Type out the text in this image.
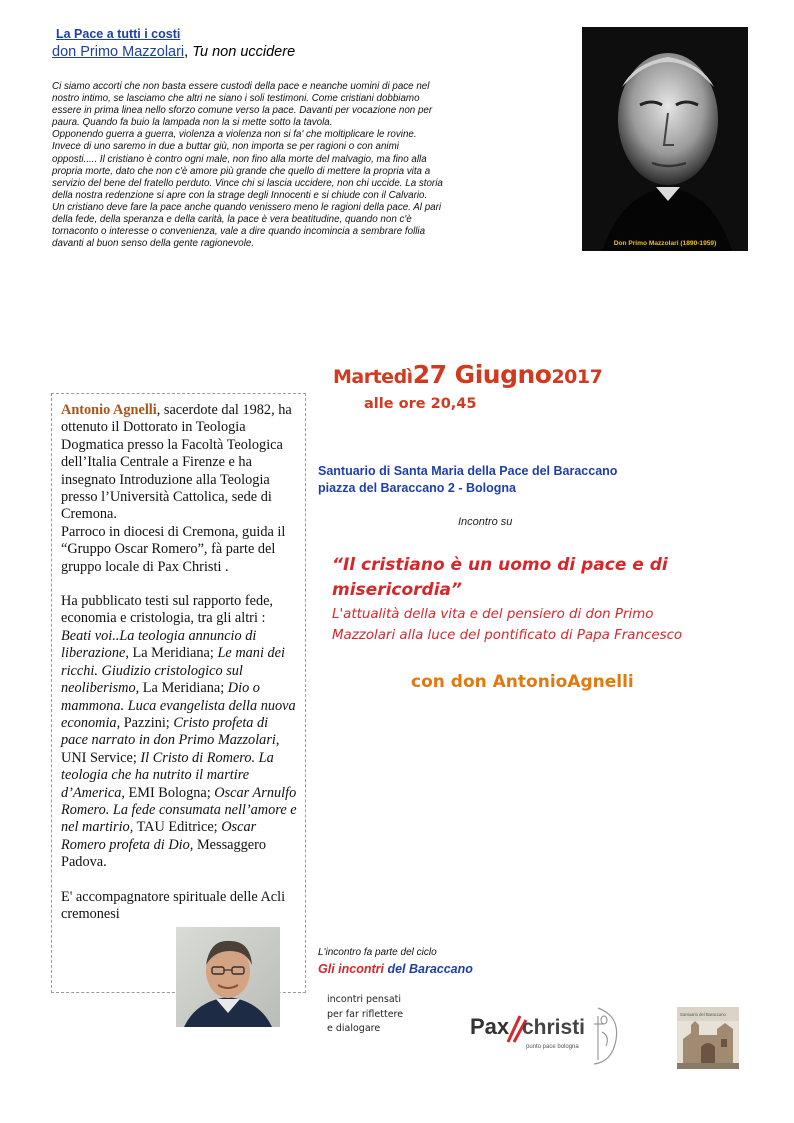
La Pace a tutti i costi
don Primo Mazzolari, Tu non uccidere

Ci siamo accorti che non basta essere custodi della pace e neanche uomini di pace nel

nostro intimo, se lasciamo che altri ne siano i soli testimoni. Come cristiani dobbiamo

essere in prima linea nello sforzo comune verso la pace. Davanti per vocazione non per

paura. Quando fa buio la lampada non la si mette sotto la tavola.

Opponendo guerra a guerra, violenza a violenza non si fa' che moltiplicare le rovine.

Invece di uno saremo in due a buttar giù, non importa se per ragioni o con animi

opposti..... Il cristiano è contro ogni male, non fino alla morte del malvagio, ma fino alla

propria morte, dato che non c'è amore più grande che quello di mettere la propria vita a

servizio del bene del fratello perduto. Vince chi si lascia uccidere, non chi uccide. La storia

della nostra redenzione si apre con la strage degli Innocenti e si chiude con il Calvario.

Un cristiano deve fare la pace anche quando venissero meno le ragioni della pace. Al pari

della fede, della speranza e della carità, la pace è vera beatitudine, quando non c'è

tornaconto o interesse o convenienza, vale a dire quando incomincia a sembrare follia

davanti al buon senso della gente ragionevole.	Don Primo Mazzolari (1890-1959)
Martedì27 Giugno2017
alle ore 20,45

Antonio Agnelli, sacerdote dal 1982, ha ottenuto il Dottorato in Teologia Dogmatica presso la Facoltà Teologica dell’Italia Centrale a Firenze e ha insegnato Introduzione alla Teologia presso l’Università Cattolica, sede di Cremona.

Parroco in diocesi di Cremona, guida il “Gruppo Oscar Romero”, fà parte del gruppo locale di Pax Christi .

Ha pubblicato testi sul rapporto fede, economia e cristologia, tra gli altri : Beati voi..La teologia annuncio di liberazione, La Meridiana; Le mani dei ricchi. Giudizio cristologico sul neoliberismo, La Meridiana; Dio o mammona. Luca evangelista della nuova economia, Pazzini; Cristo profeta di pace narrato in don Primo Mazzolari, UNI Service; Il Cristo di Romero. La teologia che ha nutrito il martire d’America, EMI Bologna; Oscar Arnulfo Romero. La fede consumata nell’amore e nel martirio, TAU Editrice; Oscar Romero profeta di Dio, Messaggero Padova.

E' accompagnatore spirituale delle Acli cremonesi

Santuario di Santa Maria della Pace del Baraccano
piazza del Baraccano 2 - Bologna
Incontro su
“Il cristiano è un uomo di pace e di
misericordia”
L'attualità della vita e del pensiero di don Primo
Mazzolari alla luce del pontificato di Papa Francesco
con don AntonioAgnelli
L'incontro fa parte del ciclo
Gli incontri del Baraccano
incontri pensati
per far riflettere
e dialogare	Pax christi
punto pace bologna
Santuario del Baraccano
